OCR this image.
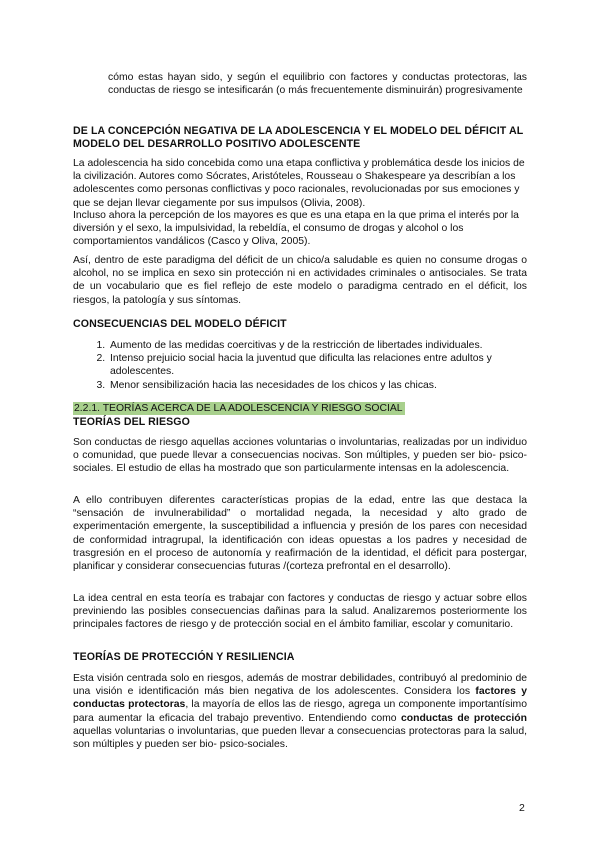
cómo estas hayan sido, y según el equilibrio con factores y conductas protectoras, las conductas de riesgo se intesificarán (o más frecuentemente disminuirán) progresivamente

DE LA CONCEPCIÓN NEGATIVA DE LA ADOLESCENCIA Y EL MODELO DEL DÉFICIT AL MODELO DEL DESARROLLO POSITIVO ADOLESCENTE

La adolescencia ha sido concebida como una etapa conflictiva y problemática desde los inicios de la civilización. Autores como Sócrates, Aristóteles, Rousseau o Shakespeare ya describían a los adolescentes como personas conflictivas y poco racionales, revolucionadas por sus emociones y que se dejan llevar ciegamente por sus impulsos (Olivia, 2008).

Incluso ahora la percepción de los mayores es que es una etapa en la que prima el interés por la diversión y el sexo, la impulsividad, la rebeldía, el consumo de drogas y alcohol o los comportamientos vandálicos (Casco y Oliva, 2005).

Así, dentro de este paradigma del déficit de un chico/a saludable es quien no consume drogas o alcohol, no se implica en sexo sin protección ni en actividades criminales o antisociales. Se trata de un vocabulario que es fiel reflejo de este modelo o paradigma centrado en el déficit, los riesgos, la patología y sus síntomas.

CONSECUENCIAS DEL MODELO DÉFICIT

1. Aumento de las medidas coercitivas y de la restricción de libertades individuales.
2. Intenso prejuicio social hacia la juventud que dificulta las relaciones entre adultos y adolescentes.
3. Menor sensibilización hacia las necesidades de los chicos y las chicas.
2.2.1. TEORÍAS ACERCA DE LA ADOLESCENCIA Y RIESGO SOCIAL

TEORÍAS DEL RIESGO

Son conductas de riesgo aquellas acciones voluntarias o involuntarias, realizadas por un individuo o comunidad, que puede llevar a consecuencias nocivas. Son múltiples, y pueden ser bio- psico- sociales. El estudio de ellas ha mostrado que son particularmente intensas en la adolescencia.

A ello contribuyen diferentes características propias de la edad, entre las que destaca la “sensación de invulnerabilidad” o mortalidad negada, la necesidad y alto grado de experimentación emergente, la susceptibilidad a influencia y presión de los pares con necesidad de conformidad intragrupal, la identificación con ideas opuestas a los padres y necesidad de trasgresión en el proceso de autonomía y reafirmación de la identidad, el déficit para postergar, planificar y considerar consecuencias futuras /(corteza prefrontal en el desarrollo).

La idea central en esta teoría es trabajar con factores y conductas de riesgo y actuar sobre ellos previniendo las posibles consecuencias dañinas para la salud. Analizaremos posteriormente los principales factores de riesgo y de protección social en el ámbito familiar, escolar y comunitario.

TEORÍAS DE PROTECCIÓN Y RESILIENCIA

Esta visión centrada solo en riesgos, además de mostrar debilidades, contribuyó al predominio de una visión e identificación más bien negativa de los adolescentes. Considera los factores y conductas protectoras, la mayoría de ellos las de riesgo, agrega un componente importantísimo para aumentar la eficacia del trabajo preventivo. Entendiendo como conductas de protección aquellas voluntarias o involuntarias, que pueden llevar a consecuencias protectoras para la salud, son múltiples y pueden ser bio- psico-sociales.

2
